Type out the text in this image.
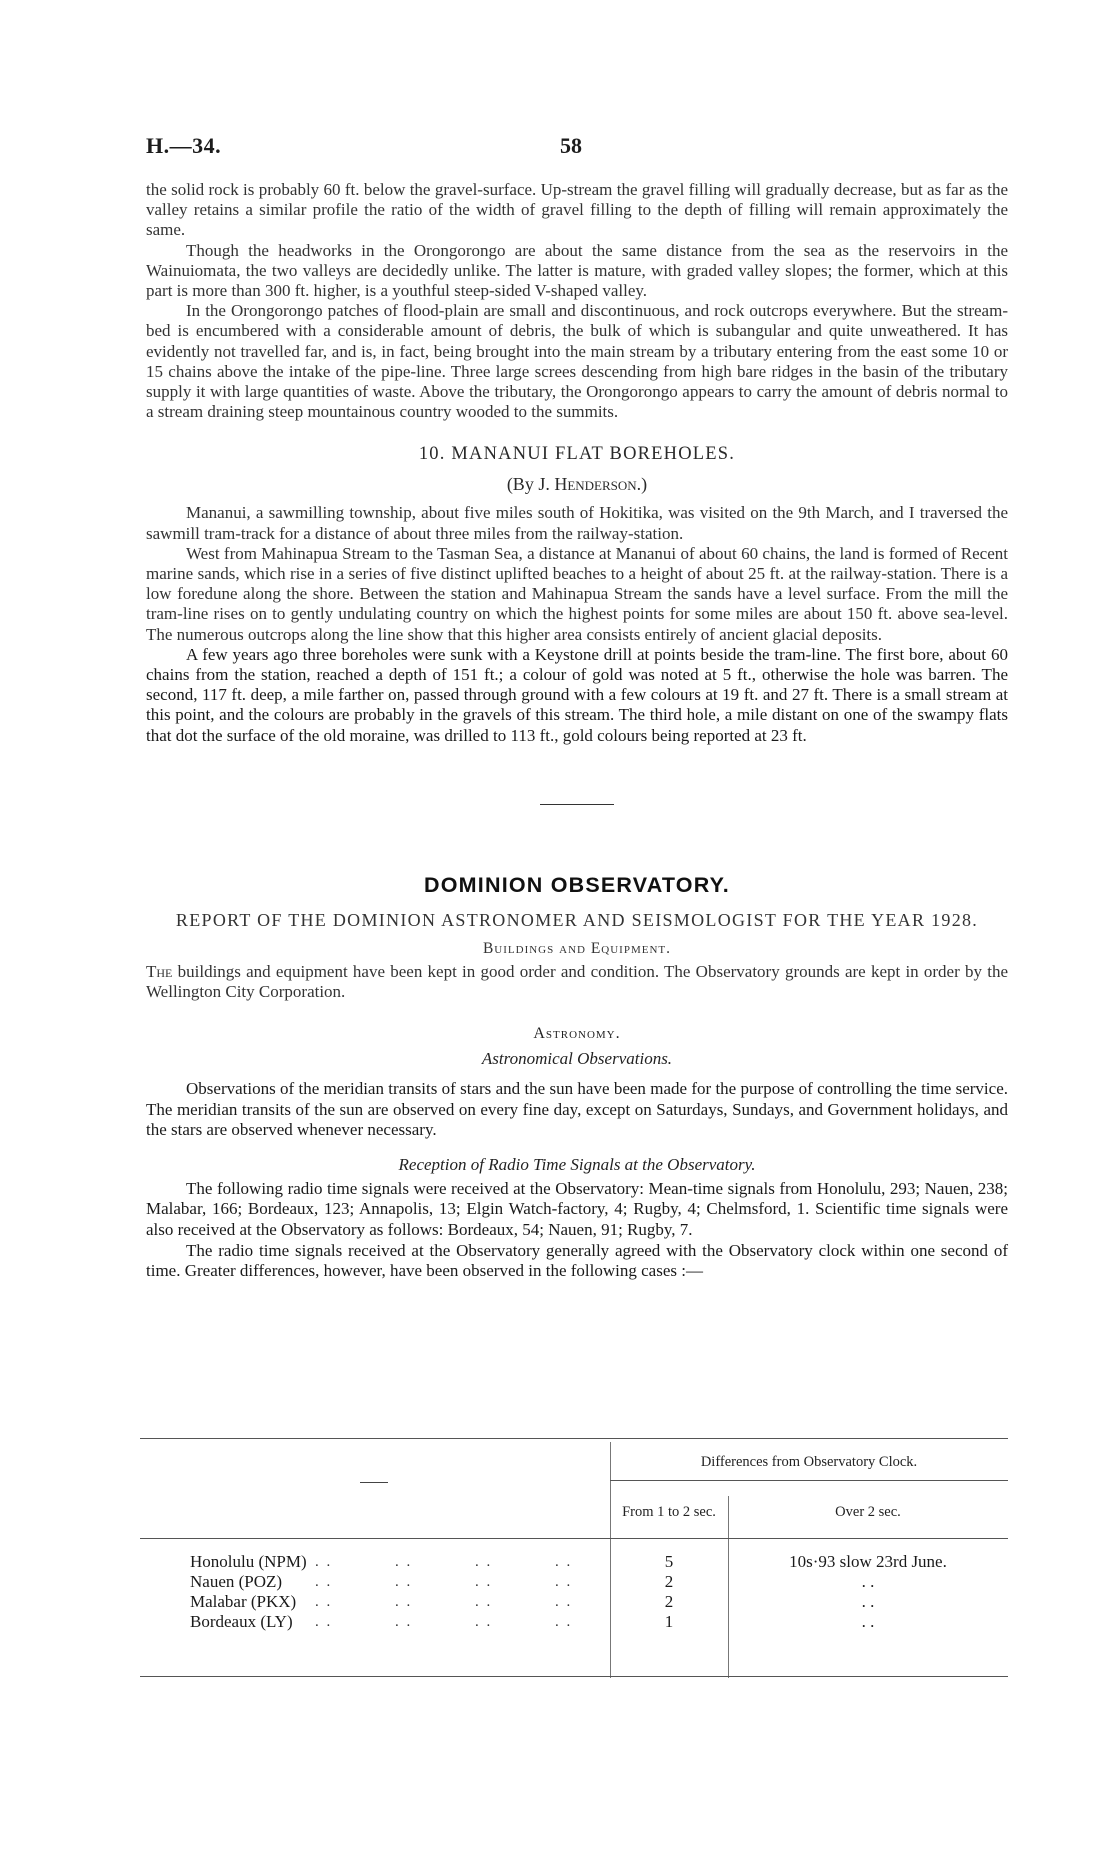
H.—34.	58

the solid rock is probably 60 ft. below the gravel-surface. Up-stream the gravel filling will gradually decrease, but as far as the valley retains a similar profile the ratio of the width of gravel filling to the depth of filling will remain approximately the same.

Though the headworks in the Orongorongo are about the same distance from the sea as the reservoirs in the Wainuiomata, the two valleys are decidedly unlike. The latter is mature, with graded valley slopes; the former, which at this part is more than 300 ft. higher, is a youthful steep-sided V-shaped valley.

In the Orongorongo patches of flood-plain are small and discontinuous, and rock outcrops everywhere. But the stream-bed is encumbered with a considerable amount of debris, the bulk of which is subangular and quite unweathered. It has evidently not travelled far, and is, in fact, being brought into the main stream by a tributary entering from the east some 10 or 15 chains above the intake of the pipe-line. Three large screes descending from high bare ridges in the basin of the tributary supply it with large quantities of waste. Above the tributary, the Orongorongo appears to carry the amount of debris normal to a stream draining steep mountainous country wooded to the summits.

10. MANANUI FLAT BOREHOLES.
(By J. Henderson.)

Mananui, a sawmilling township, about five miles south of Hokitika, was visited on the 9th March, and I traversed the sawmill tram-track for a distance of about three miles from the railway-station.

West from Mahinapua Stream to the Tasman Sea, a distance at Mananui of about 60 chains, the land is formed of Recent marine sands, which rise in a series of five distinct uplifted beaches to a height of about 25 ft. at the railway-station. There is a low foredune along the shore. Between the station and Mahinapua Stream the sands have a level surface. From the mill the tram-line rises on to gently undulating country on which the highest points for some miles are about 150 ft. above sea-level. The numerous outcrops along the line show that this higher area consists entirely of ancient glacial deposits.

A few years ago three boreholes were sunk with a Keystone drill at points beside the tram-line. The first bore, about 60 chains from the station, reached a depth of 151 ft.; a colour of gold was noted at 5 ft., otherwise the hole was barren. The second, 117 ft. deep, a mile farther on, passed through ground with a few colours at 19 ft. and 27 ft. There is a small stream at this point, and the colours are probably in the gravels of this stream. The third hole, a mile distant on one of the swampy flats that dot the surface of the old moraine, was drilled to 113 ft., gold colours being reported at 23 ft.

DOMINION OBSERVATORY.
REPORT OF THE DOMINION ASTRONOMER AND SEISMOLOGIST FOR THE YEAR 1928.
Buildings and Equipment.

The buildings and equipment have been kept in good order and condition. The Observatory grounds are kept in order by the Wellington City Corporation.

Astronomy.
Astronomical Observations.

Observations of the meridian transits of stars and the sun have been made for the purpose of controlling the time service. The meridian transits of the sun are observed on every fine day, except on Saturdays, Sundays, and Government holidays, and the stars are observed whenever necessary.

Reception of Radio Time Signals at the Observatory.

The following radio time signals were received at the Observatory: Mean-time signals from Honolulu, 293; Nauen, 238; Malabar, 166; Bordeaux, 123; Annapolis, 13; Elgin Watch-factory, 4; Rugby, 4; Chelmsford, 1. Scientific time signals were also received at the Observatory as follows: Bordeaux, 54; Nauen, 91; Rugby, 7.

The radio time signals received at the Observatory generally agreed with the Observatory clock within one second of time. Greater differences, however, have been observed in the following cases :—

Differences from Observatory Clock.
From 1 to 2 sec.	Over 2 sec.
Honolulu (NPM) . .	. .	. .	. .	5	10s·93 slow 23rd June.
Nauen (POZ) . .	. .	. .	. .	2	. .
Malabar (PKX) . .	. .	. .	. .	2	. .
Bordeaux (LY) . .	. .	. .	. .	1	. .
